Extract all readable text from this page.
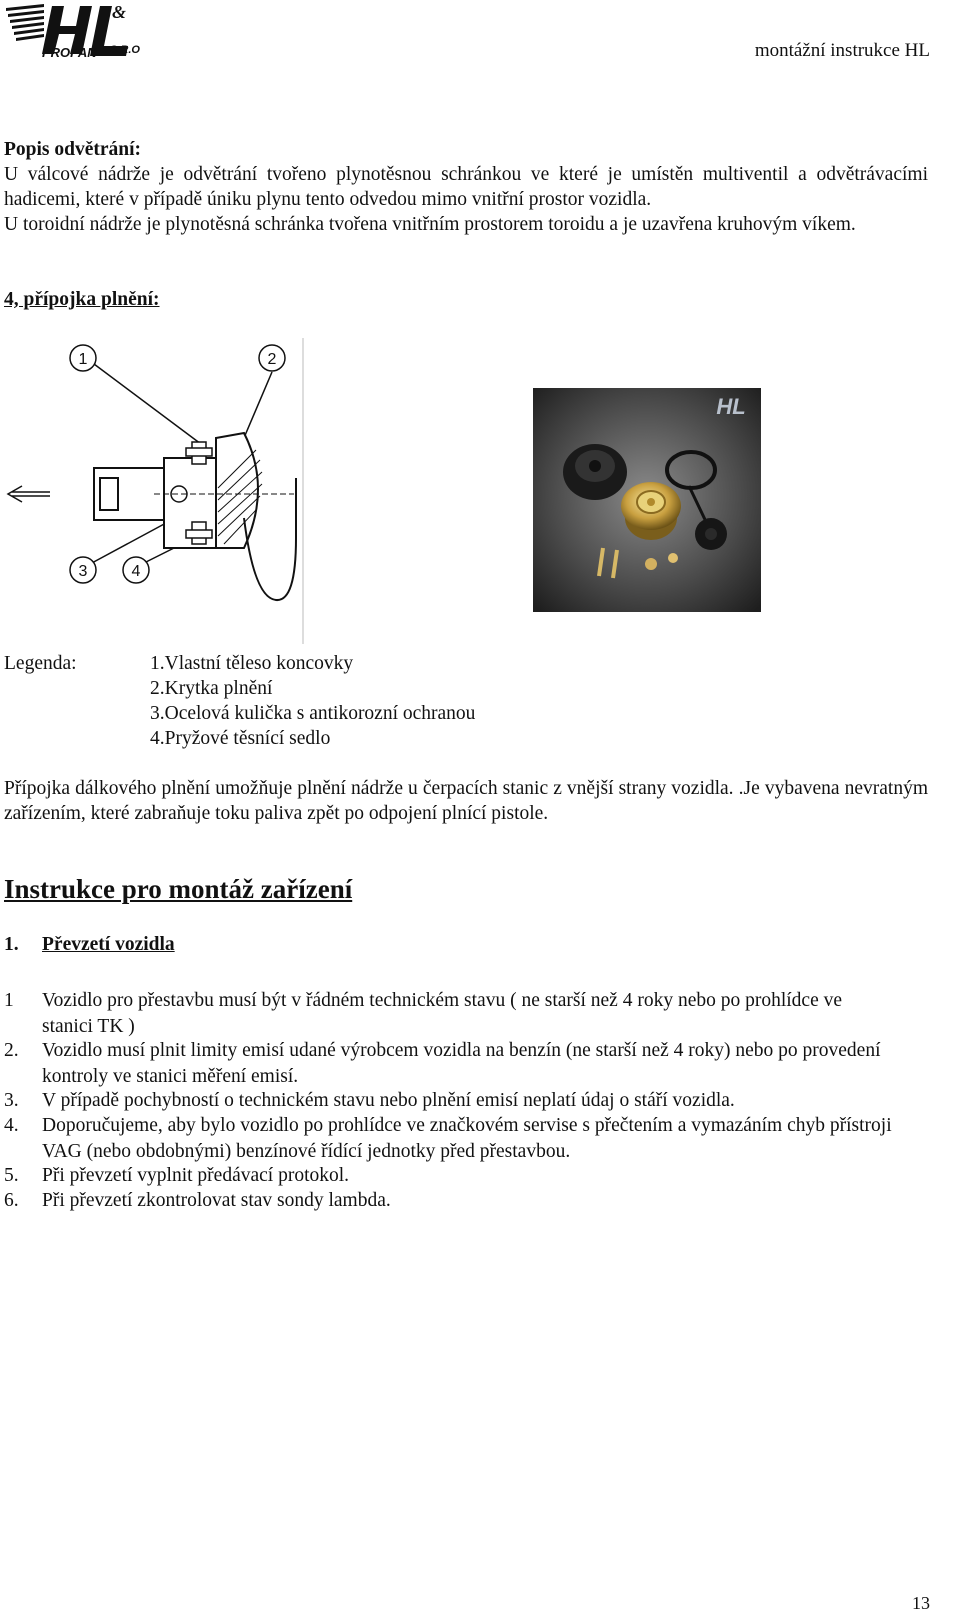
&
PROPAN S.R.O.	montážní instrukce HL
Popis odvětrání:
U válcové nádrže je odvětrání tvořeno plynotěsnou schránkou ve které je umístěn multiventil a odvětrávacími hadicemi, které v případě úniku plynu tento odvedou mimo vnitřní prostor vozidla.
U toroidní nádrže je plynotěsná schránka tvořena vnitřním prostorem toroidu a je uzavřena kruhovým víkem.
4, přípojka plnění:
1	2
3	4
HL
Legenda:	1.Vlastní těleso koncovky
2.Krytka plnění
3.Ocelová kulička s antikorozní ochranou
4.Pryžové těsnící sedlo
Přípojka dálkového plnění umožňuje plnění nádrže u čerpacích stanic z vnější strany vozidla. .Je vybavena nevratným zařízením, které zabraňuje toku paliva zpět po odpojení plnící pistole.
Instrukce pro montáž zařízení
1. Převzetí vozidla
1	Vozidlo pro přestavbu musí být v řádném technickém stavu ( ne starší než 4 roky nebo po prohlídce ve stanici TK )
2.	Vozidlo musí plnit limity emisí udané výrobcem vozidla na benzín (ne starší než 4 roky) nebo po provedení kontroly ve stanici měření emisí.
3.	V případě pochybností o technickém stavu nebo plnění emisí neplatí údaj o stáří vozidla.
4.	Doporučujeme, aby bylo vozidlo po prohlídce ve značkovém servise s přečtením a vymazáním chyb přístroji VAG (nebo obdobnými) benzínové řídící jednotky před přestavbou.
5.	Při převzetí vyplnit předávací protokol.
6.	Při převzetí zkontrolovat stav sondy lambda.
13
